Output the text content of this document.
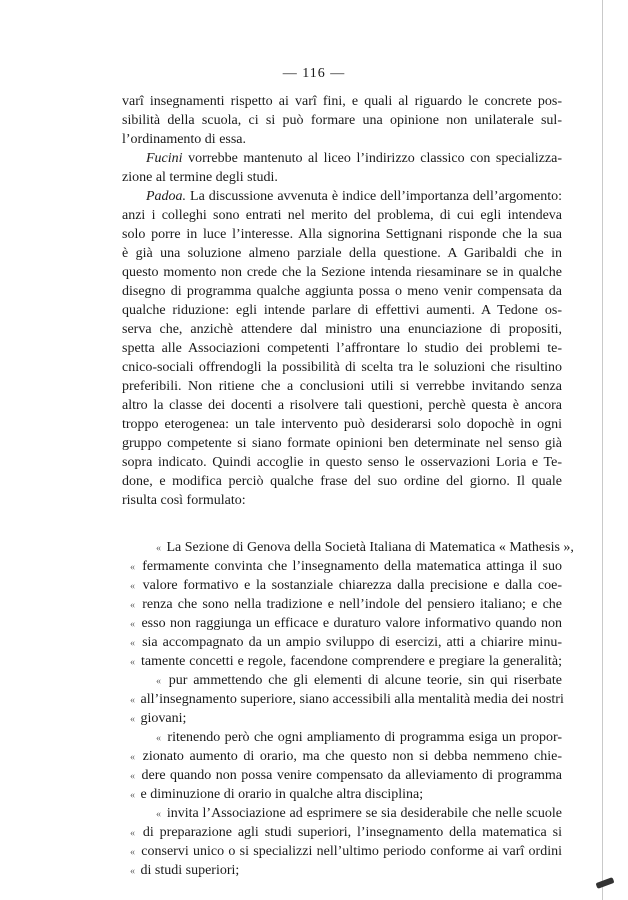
— 116 —
varî insegnamenti rispetto ai varî fini, e quali al riguardo le concrete pos-
sibilità della scuola, ci si può formare una opinione non unilaterale sul-
l’ordinamento di essa.
Fucini vorrebbe mantenuto al liceo l’indirizzo classico con specializza-
zione al termine degli studi.
Padoa. La discussione avvenuta è indice dell’importanza dell’argomento:
anzi i colleghi sono entrati nel merito del problema, di cui egli intendeva
solo porre in luce l’interesse. Alla signorina Settignani risponde che la sua
è già una soluzione almeno parziale della questione. A Garibaldi che in
questo momento non crede che la Sezione intenda riesaminare se in qualche
disegno di programma qualche aggiunta possa o meno venir compensata da
qualche riduzione: egli intende parlare di effettivi aumenti. A Tedone os-
serva che, anzichè attendere dal ministro una enunciazione di propositi,
spetta alle Associazioni competenti l’affrontare lo studio dei problemi te-
cnico-sociali offrendogli la possibilità di scelta tra le soluzioni che risultino
preferibili. Non ritiene che a conclusioni utili si verrebbe invitando senza
altro la classe dei docenti a risolvere tali questioni, perchè questa è ancora
troppo eterogenea: un tale intervento può desiderarsi solo dopochè in ogni
gruppo competente si siano formate opinioni ben determinate nel senso già
sopra indicato. Quindi accoglie in questo senso le osservazioni Loria e Te-
done, e modifica perciò qualche frase del suo ordine del giorno. Il quale
risulta così formulato:
« La Sezione di Genova della Società Italiana di Matematica « Mathesis »,
« fermamente convinta che l’insegnamento della matematica attinga il suo
« valore formativo e la sostanziale chiarezza dalla precisione e dalla coe-
« renza che sono nella tradizione e nell’indole del pensiero italiano; e che
« esso non raggiunga un efficace e duraturo valore informativo quando non
« sia accompagnato da un ampio sviluppo di esercizi, atti a chiarire minu-
« tamente concetti e regole, facendone comprendere e pregiare la generalità;
« pur ammettendo che gli elementi di alcune teorie, sin qui riserbate
« all’insegnamento superiore, siano accessibili alla mentalità media dei nostri
« giovani;
« ritenendo però che ogni ampliamento di programma esiga un propor-
« zionato aumento di orario, ma che questo non si debba nemmeno chie-
« dere quando non possa venire compensato da alleviamento di programma
« e diminuzione di orario in qualche altra disciplina;
« invita l’Associazione ad esprimere se sia desiderabile che nelle scuole
« di preparazione agli studi superiori, l’insegnamento della matematica si
« conservi unico o si specializzi nell’ultimo periodo conforme ai varî ordini
« di studi superiori;
